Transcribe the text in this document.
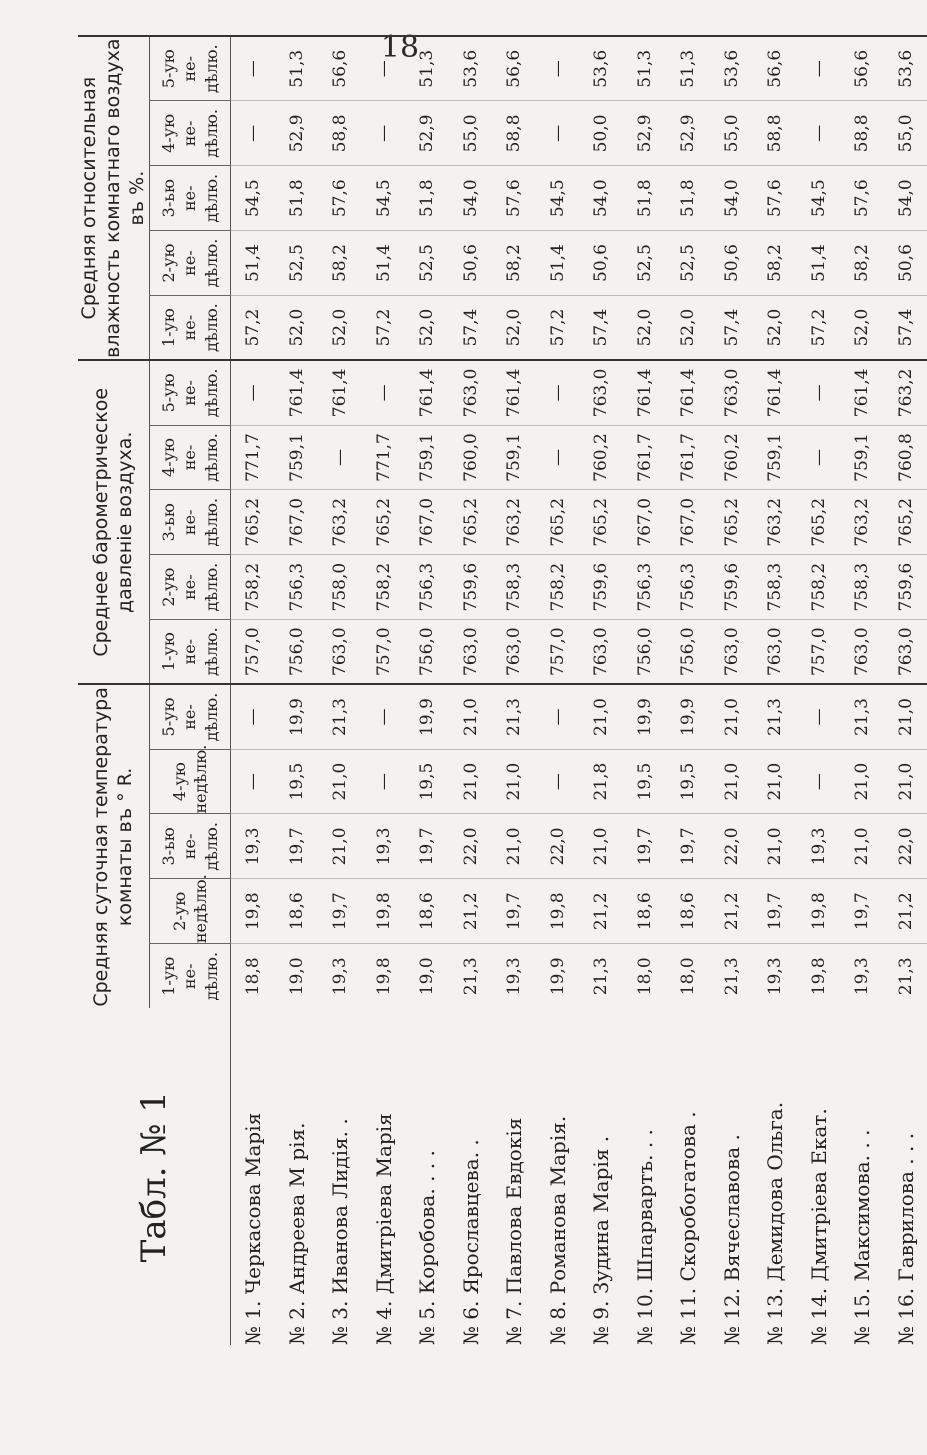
18
Табл. № 1	Средняя суточная температура комнаты въ ° R.					Среднее барометрическое давленіе воздуха.					Средняя относительная влажность комнатнаго воздуха въ %.				
	1-ую не-дѣлю.	2-ую недѣлю.	3-ью не-дѣлю.	4-ую недѣлю.	5-ую не-дѣлю.	1-ую не-дѣлю.	2-ую не-дѣлю.	3-ью не-дѣлю.	4-ую не-дѣлю.	5-ую не-дѣлю.	1-ую не-дѣлю.	2-ую не-дѣлю.	3-ью не-дѣлю.	4-ую не-дѣлю.	5-ую не-дѣлю.
№ 1. Черкасова Марія	18,8	19,8	19,3	—	—	757,0	758,2	765,2	771,7	—	57,2	51,4	54,5	—	—
№ 2. Андреева М рія.	19,0	18,6	19,7	19,5	19,9	756,0	756,3	767,0	759,1	761,4	52,0	52,5	51,8	52,9	51,3
№ 3. Иванова Лидія. .	19,3	19,7	21,0	21,0	21,3	763,0	758,0	763,2	—	761,4	52,0	58,2	57,6	58,8	56,6
№ 4. Дмитріева Марія	19,8	19,8	19,3	—	—	757,0	758,2	765,2	771,7	—	57,2	51,4	54,5	—	—
№ 5. Коробова. . . .	19,0	18,6	19,7	19,5	19,9	756,0	756,3	767,0	759,1	761,4	52,0	52,5	51,8	52,9	51,3
№ 6. Ярославцева. .	21,3	21,2	22,0	21,0	21,0	763,0	759,6	765,2	760,0	763,0	57,4	50,6	54,0	55,0	53,6
№ 7. Павлова Евдокія	19,3	19,7	21,0	21,0	21,3	763,0	758,3	763,2	759,1	761,4	52,0	58,2	57,6	58,8	56,6
№ 8. Романова Марія.	19,9	19,8	22,0	—	—	757,0	758,2	765,2	—	—	57,2	51,4	54,5	—	—
№ 9. Зудина Марія .	21,3	21,2	21,0	21,8	21,0	763,0	759,6	765,2	760,2	763,0	57,4	50,6	54,0	50,0	53,6
№ 10. Шпарвартъ. . .	18,0	18,6	19,7	19,5	19,9	756,0	756,3	767,0	761,7	761,4	52,0	52,5	51,8	52,9	51,3
№ 11. Скоробогатова .	18,0	18,6	19,7	19,5	19,9	756,0	756,3	767,0	761,7	761,4	52,0	52,5	51,8	52,9	51,3
№ 12. Вячеславова .	21,3	21,2	22,0	21,0	21,0	763,0	759,6	765,2	760,2	763,0	57,4	50,6	54,0	55,0	53,6
№ 13. Демидова Ольга.	19,3	19,7	21,0	21,0	21,3	763,0	758,3	763,2	759,1	761,4	52,0	58,2	57,6	58,8	56,6
№ 14. Дмитріева Екат.	19,8	19,8	19,3	—	—	757,0	758,2	765,2	—	—	57,2	51,4	54,5	—	—
№ 15. Максимова. . .	19,3	19,7	21,0	21,0	21,3	763,0	758,3	763,2	759,1	761,4	52,0	58,2	57,6	58,8	56,6
№ 16. Гаврилова . . .	21,3	21,2	22,0	21,0	21,0	763,0	759,6	765,2	760,8	763,2	57,4	50,6	54,0	55,0	53,6
